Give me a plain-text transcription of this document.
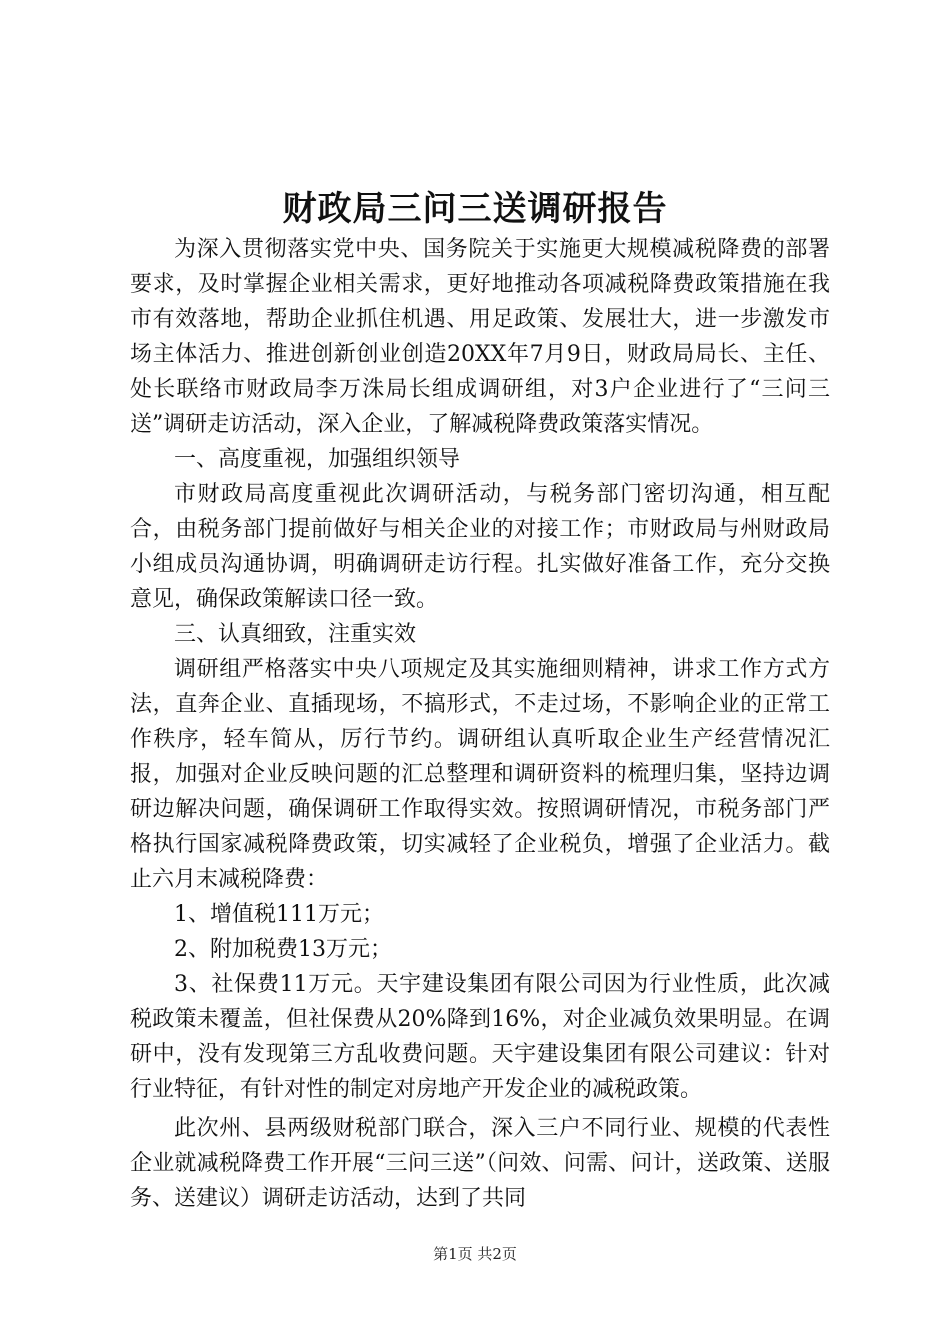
财政局三问三送调研报告

为深入贯彻落实党中央、国务院关于实施更大规模减税降费的部署要求，及时掌握企业相关需求，更好地推动各项减税降费政策措施在我市有效落地，帮助企业抓住机遇、用足政策、发展壮大，进一步激发市场主体活力、推进创新创业创造20XX年7月9日，财政局局长、主任、处长联络市财政局李万洙局长组成调研组，对3户企业进行了“三问三送”调研走访活动，深入企业，了解减税降费政策落实情况。

一、高度重视，加强组织领导

市财政局高度重视此次调研活动，与税务部门密切沟通，相互配合，由税务部门提前做好与相关企业的对接工作；市财政局与州财政局小组成员沟通协调，明确调研走访行程。扎实做好准备工作，充分交换意见，确保政策解读口径一致。

三、认真细致，注重实效

调研组严格落实中央八项规定及其实施细则精神，讲求工作方式方法，直奔企业、直插现场，不搞形式，不走过场，不影响企业的正常工作秩序，轻车简从，厉行节约。调研组认真听取企业生产经营情况汇报，加强对企业反映问题的汇总整理和调研资料的梳理归集，坚持边调研边解决问题，确保调研工作取得实效。按照调研情况，市税务部门严格执行国家减税降费政策，切实减轻了企业税负，增强了企业活力。截止六月末减税降费：

1、增值税111万元；

2、附加税费13万元；

3、社保费11万元。天宇建设集团有限公司因为行业性质，此次减税政策未覆盖，但社保费从20%降到16%，对企业减负效果明显。在调研中，没有发现第三方乱收费问题。天宇建设集团有限公司建议：针对行业特征，有针对性的制定对房地产开发企业的减税政策。

此次州、县两级财税部门联合，深入三户不同行业、规模的代表性企业就减税降费工作开展“三问三送”（问效、问需、问计，送政策、送服务、送建议）调研走访活动，达到了共同

第1页 共2页
